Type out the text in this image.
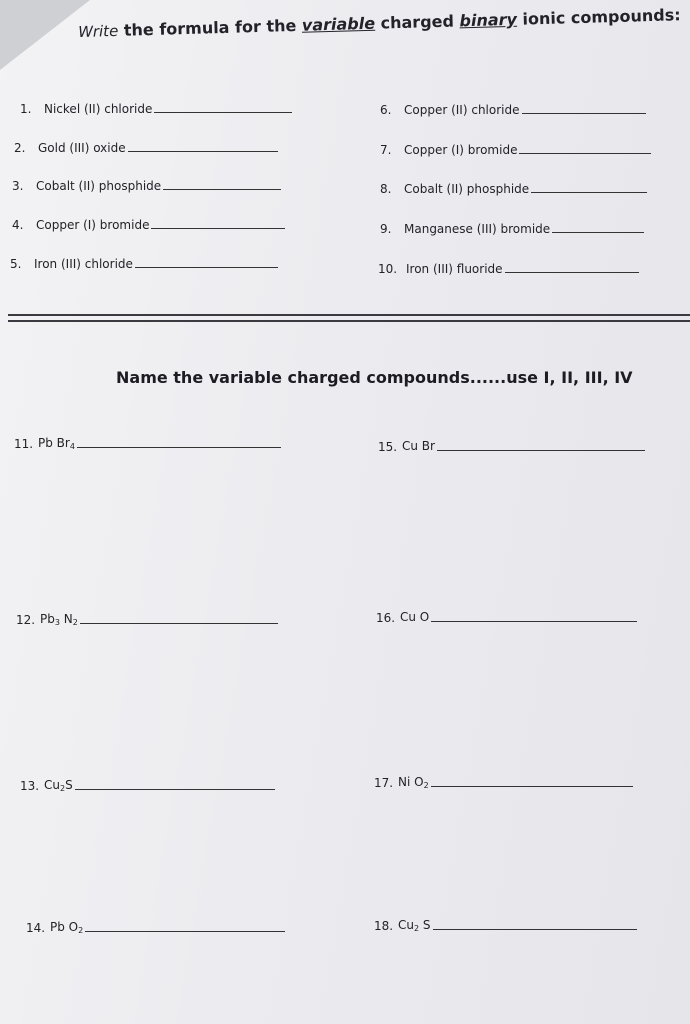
Write the formula for the variable charged binary ionic compounds:
1.	Nickel (II) chloride
2.	Gold (III) oxide
3.	Cobalt (II) phosphide
4.	Copper (I) bromide
5.	Iron (III) chloride
6.	Copper (II) chloride
7.	Copper (I) bromide
8.	Cobalt (II) phosphide
9.	Manganese (III) bromide
10. Iron (III) fluoride
Name the variable charged compounds......use I, II, III, IV
11. Pb $Br_4$
12. $Pb_3$ $N_2$
13. $Cu_2S$
14. Pb $O_2$
15. Cu Br
16. Cu O
17. Ni $O_2$
18. $Cu_2$ S
